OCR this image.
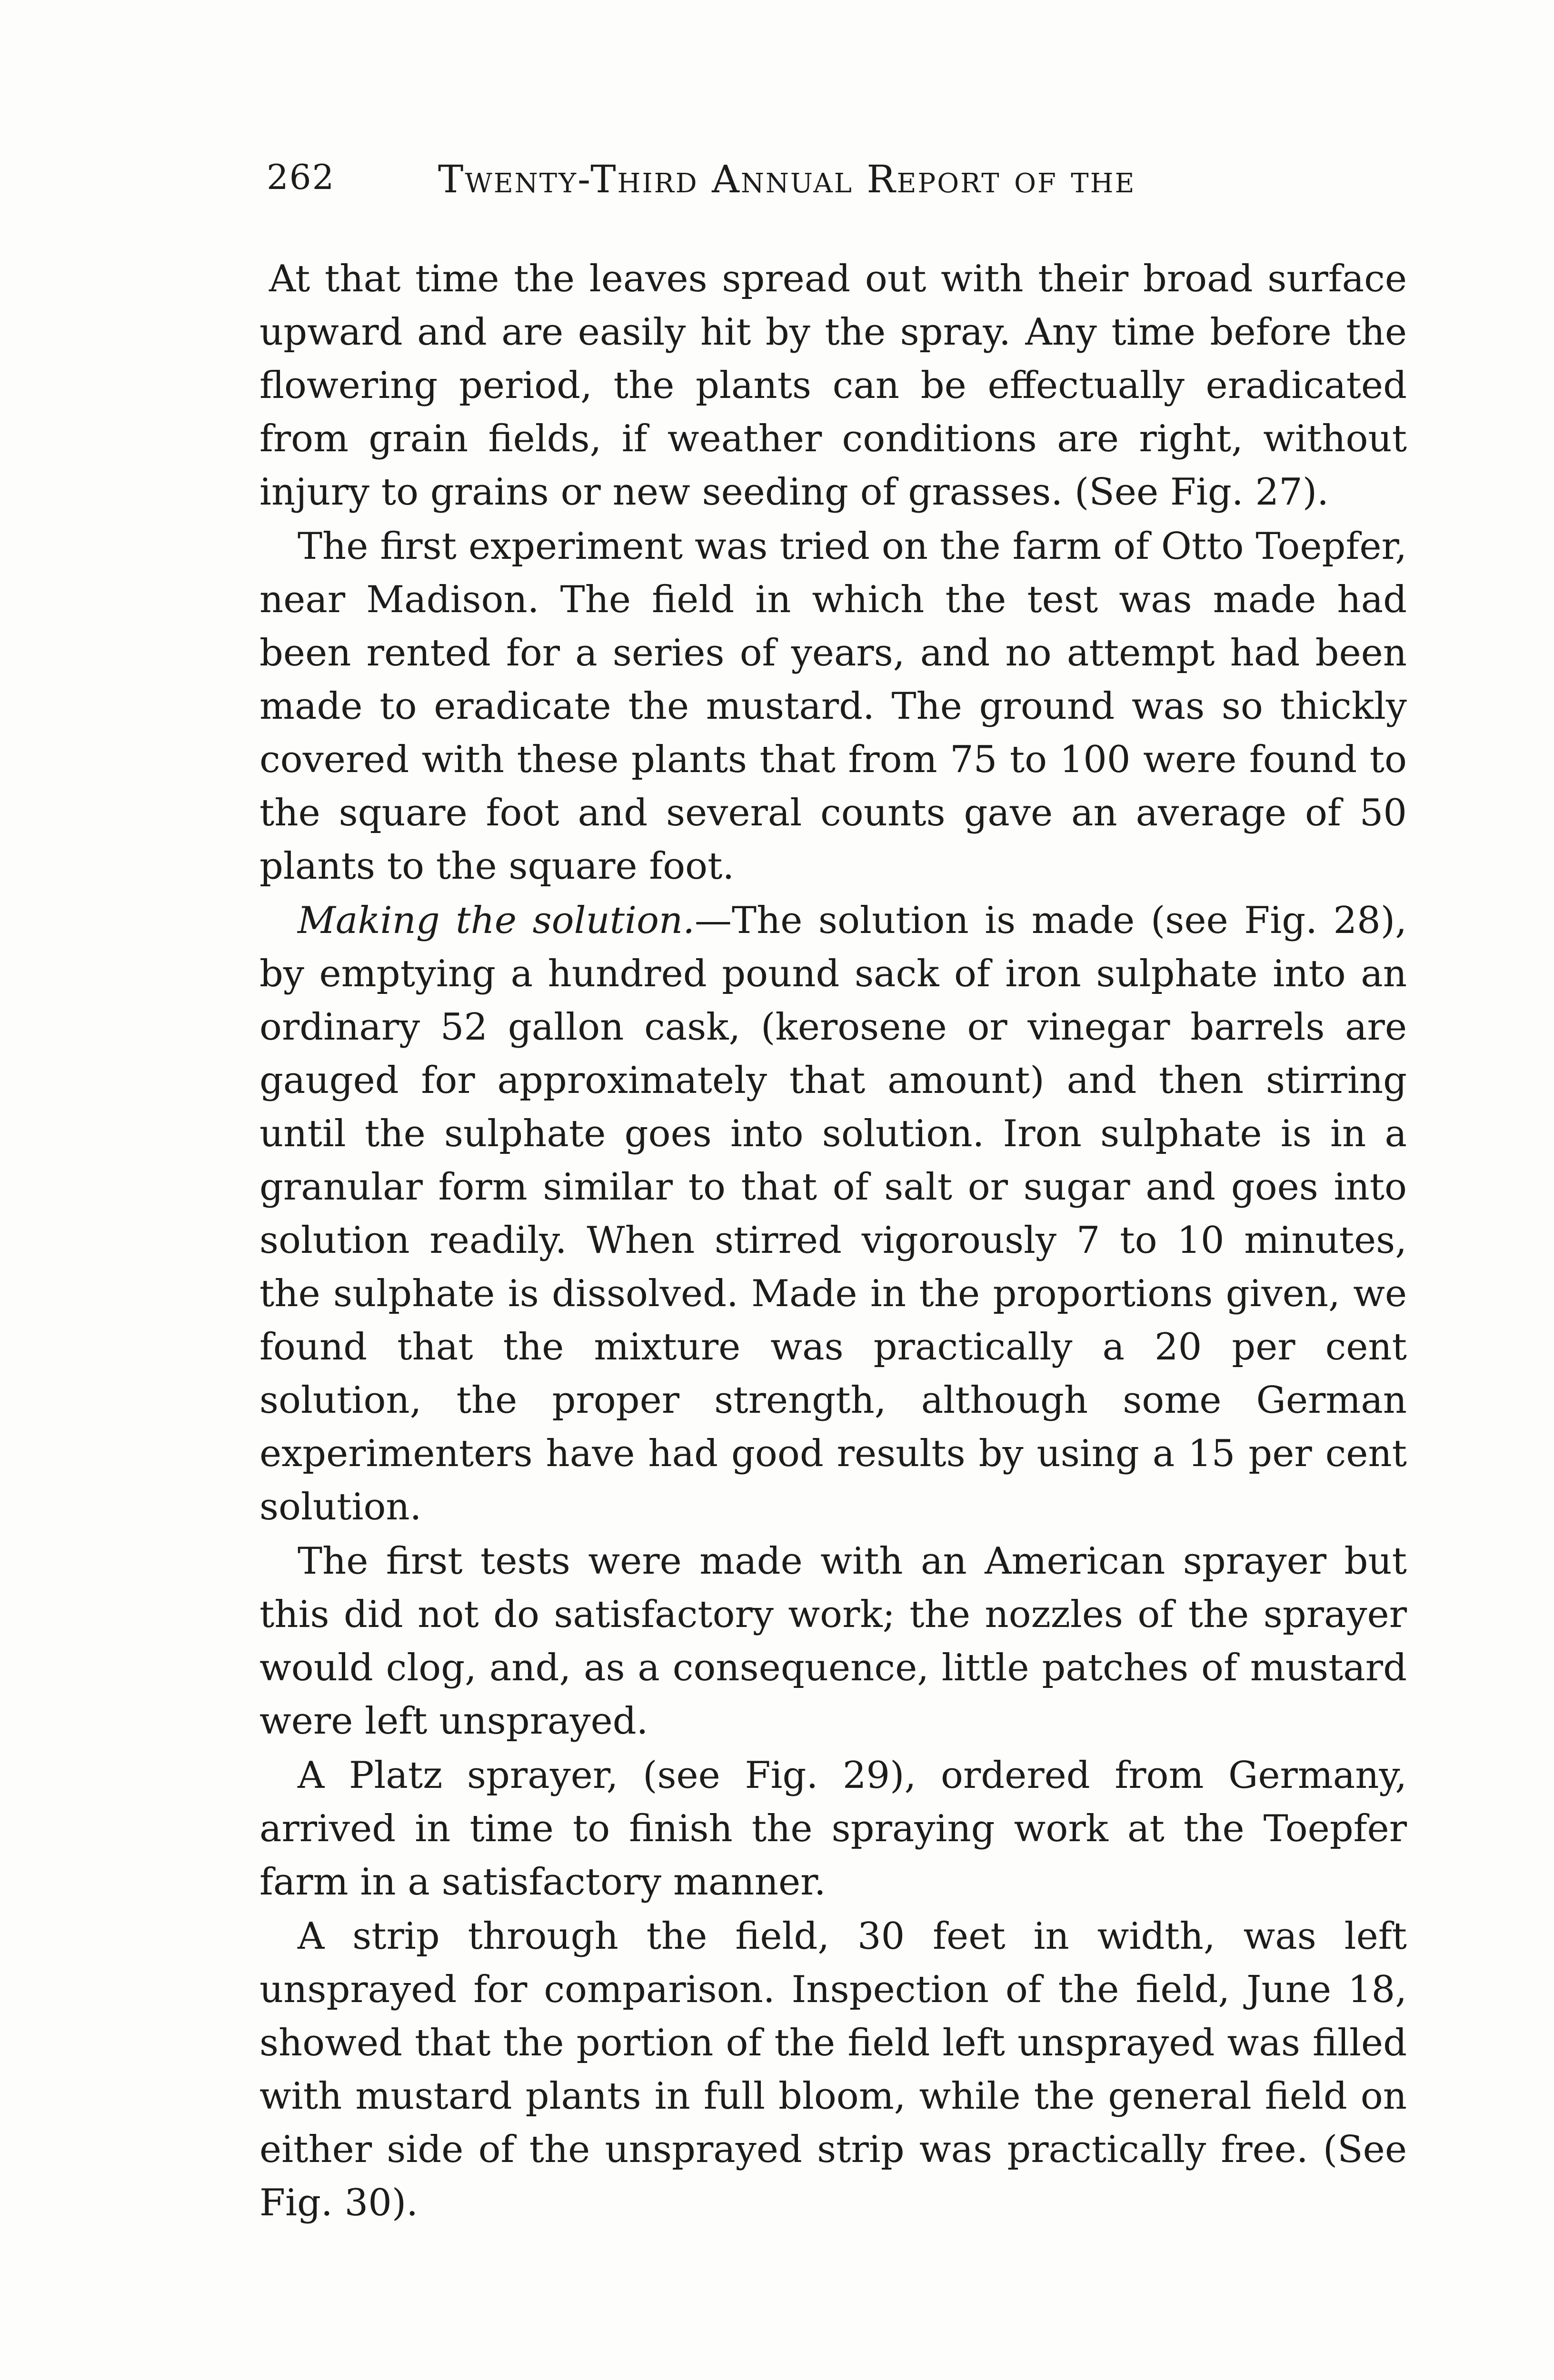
262	Twenty-Third Annual Report of the

At that time the leaves spread out with their broad surface upward and are easily hit by the spray. Any time before the flowering period, the plants can be effectually eradicated from grain fields, if weather conditions are right, without injury to grains or new seeding of grasses. (See Fig. 27).

The first experiment was tried on the farm of Otto Toepfer, near Madison. The field in which the test was made had been rented for a series of years, and no attempt had been made to eradicate the mustard. The ground was so thickly covered with these plants that from 75 to 100 were found to the square foot and several counts gave an average of 50 plants to the square foot.

Making the solution.—The solution is made (see Fig. 28), by emptying a hundred pound sack of iron sulphate into an ordinary 52 gallon cask, (kerosene or vinegar barrels are gauged for approximately that amount) and then stirring until the sulphate goes into solution. Iron sulphate is in a granular form similar to that of salt or sugar and goes into solution readily. When stirred vigorously 7 to 10 minutes, the sulphate is dissolved. Made in the proportions given, we found that the mixture was practically a 20 per cent solution, the proper strength, although some German experimenters have had good results by using a 15 per cent solution.

The first tests were made with an American sprayer but this did not do satisfactory work; the nozzles of the sprayer would clog, and, as a consequence, little patches of mustard were left unsprayed.

A Platz sprayer, (see Fig. 29), ordered from Germany, arrived in time to finish the spraying work at the Toepfer farm in a satisfactory manner.

A strip through the field, 30 feet in width, was left unsprayed for comparison. Inspection of the field, June 18, showed that the portion of the field left unsprayed was filled with mustard plants in full bloom, while the general field on either side of the unsprayed strip was practically free. (See Fig. 30).
